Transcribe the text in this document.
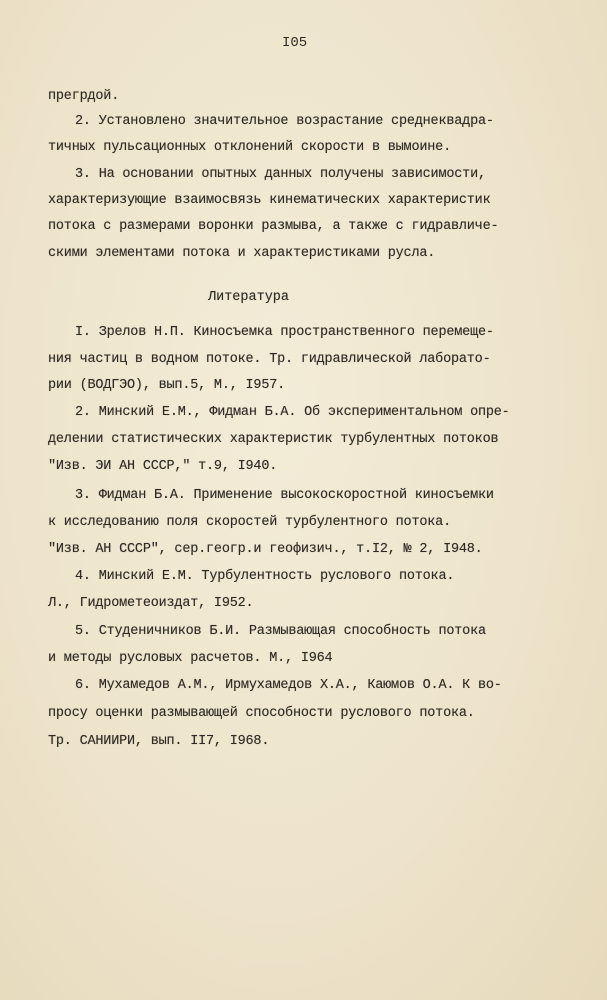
I05
прегрдой.
2. Установлено значительное возрастание среднеквадра-
тичных пульсационных отклонений скорости в вымоине.
3. На основании опытных данных получены зависимости,
характеризующие взаимосвязь кинематических характеристик
потока с размерами воронки размыва, а также с гидравличе-
скими элементами потока и характеристиками русла.
Литература
I. Зрелов Н.П. Киносъемка пространственного перемеще-
ния частиц в водном потоке. Тр. гидравлической лаборато-
рии (ВОДГЭО), вып.5, М., I957.
2. Минский Е.М., Фидман Б.А. Об экспериментальном опре-
делении статистических характеристик турбулентных потоков
"Изв. ЭИ АН СССР," т.9, I940.
3. Фидман Б.А. Применение высокоскоростной киносъемки
к исследованию поля скоростей турбулентного потока.
"Изв. АН СССР", сер.геогр.и геофизич., т.I2, № 2, I948.
4. Минский Е.М. Турбулентность руслового потока.
Л., Гидрометеоиздат, I952.
5. Студеничников Б.И. Размывающая способность потока
и методы русловых расчетов. М., I964
6. Мухамедов А.М., Ирмухамедов Х.А., Каюмов О.А. К во-
просу оценки размывающей способности руслового потока.
Тр. САНИИРИ, вып. II7, I968.
